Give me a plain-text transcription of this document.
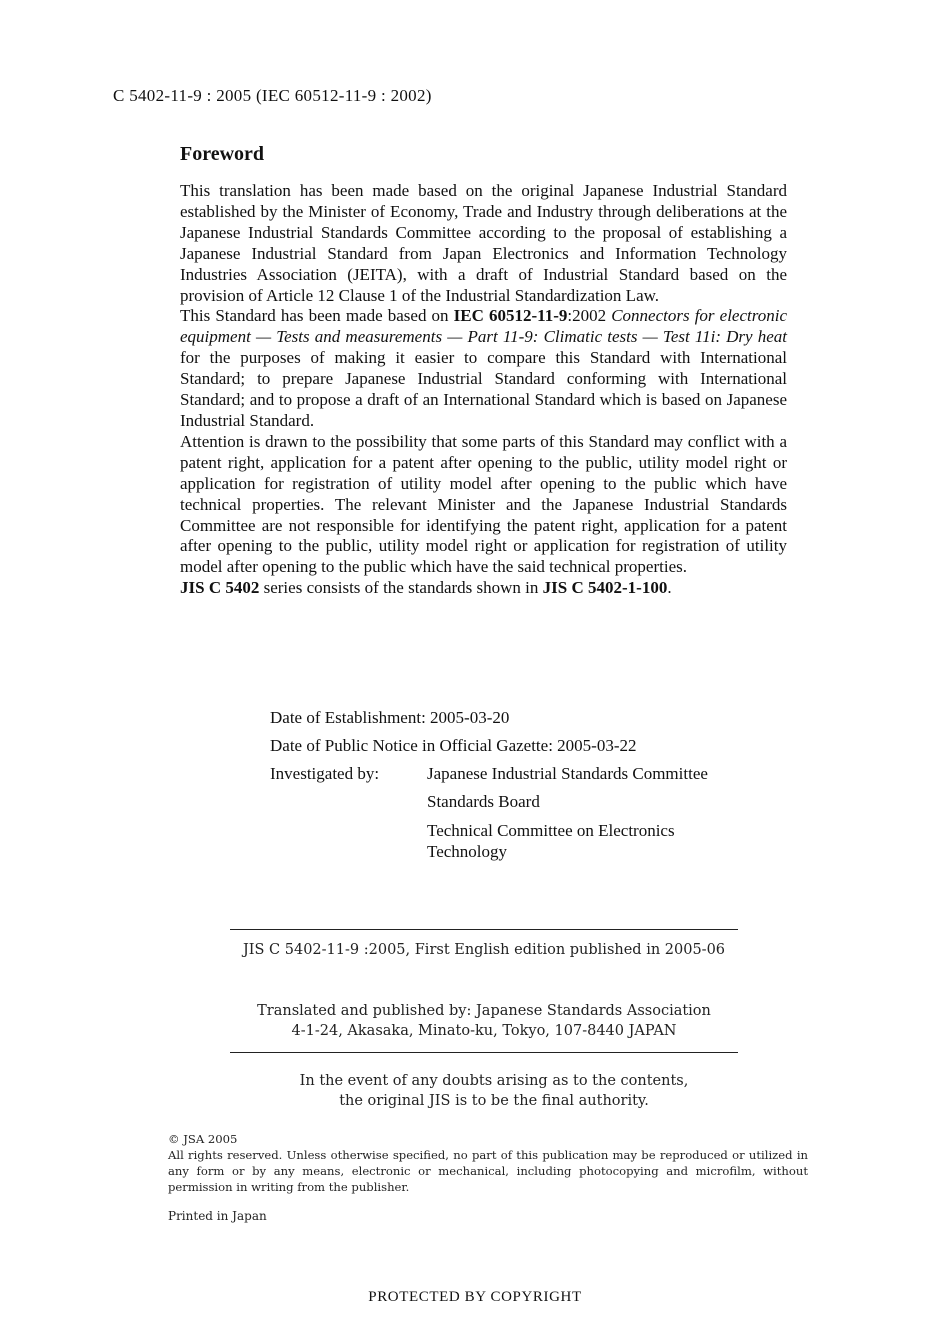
C 5402-11-9 : 2005 (IEC 60512-11-9 : 2002)
Foreword

This translation has been made based on the original Japanese Industrial Standard established by the Minister of Economy, Trade and Industry through deliberations at the Japanese Industrial Standards Committee according to the proposal of establishing a Japanese Industrial Standard from Japan Electronics and Information Technology Industries Association (JEITA), with a draft of Industrial Standard based on the provision of Article 12 Clause 1 of the Industrial Standardization Law.

This Standard has been made based on IEC 60512-11-9:2002 Connectors for electronic equipment — Tests and measurements — Part 11-9: Climatic tests — Test 11i: Dry heat for the purposes of making it easier to compare this Standard with International Standard; to prepare Japanese Industrial Standard conforming with International Standard; and to propose a draft of an International Standard which is based on Japanese Industrial Standard.

Attention is drawn to the possibility that some parts of this Standard may conflict with a patent right, application for a patent after opening to the public, utility model right or application for registration of utility model after opening to the public which have technical properties. The relevant Minister and the Japanese Industrial Standards Committee are not responsible for identifying the patent right, application for a patent after opening to the public, utility model right or application for registration of utility model after opening to the public which have the said technical properties.

JIS C 5402 series consists of the standards shown in JIS C 5402-1-100.

Date of Establishment: 2005-03-20
Date of Public Notice in Official Gazette: 2005-03-22
Investigated by:	Japanese Industrial Standards Committee
Standards Board
Technical Committee on Electronics
Technology
JIS C 5402-11-9 :2005, First English edition published in 2005-06
Translated and published by: Japanese Standards Association
4-1-24, Akasaka, Minato-ku, Tokyo, 107-8440 JAPAN
In the event of any doubts arising as to the contents,
the original JIS is to be the final authority.
© JSA 2005
All rights reserved. Unless otherwise specified, no part of this publication may be reproduced or utilized in any form or by any means, electronic or mechanical, including photocopying and microfilm, without permission in writing from the publisher.
Printed in Japan
PROTECTED BY COPYRIGHT
